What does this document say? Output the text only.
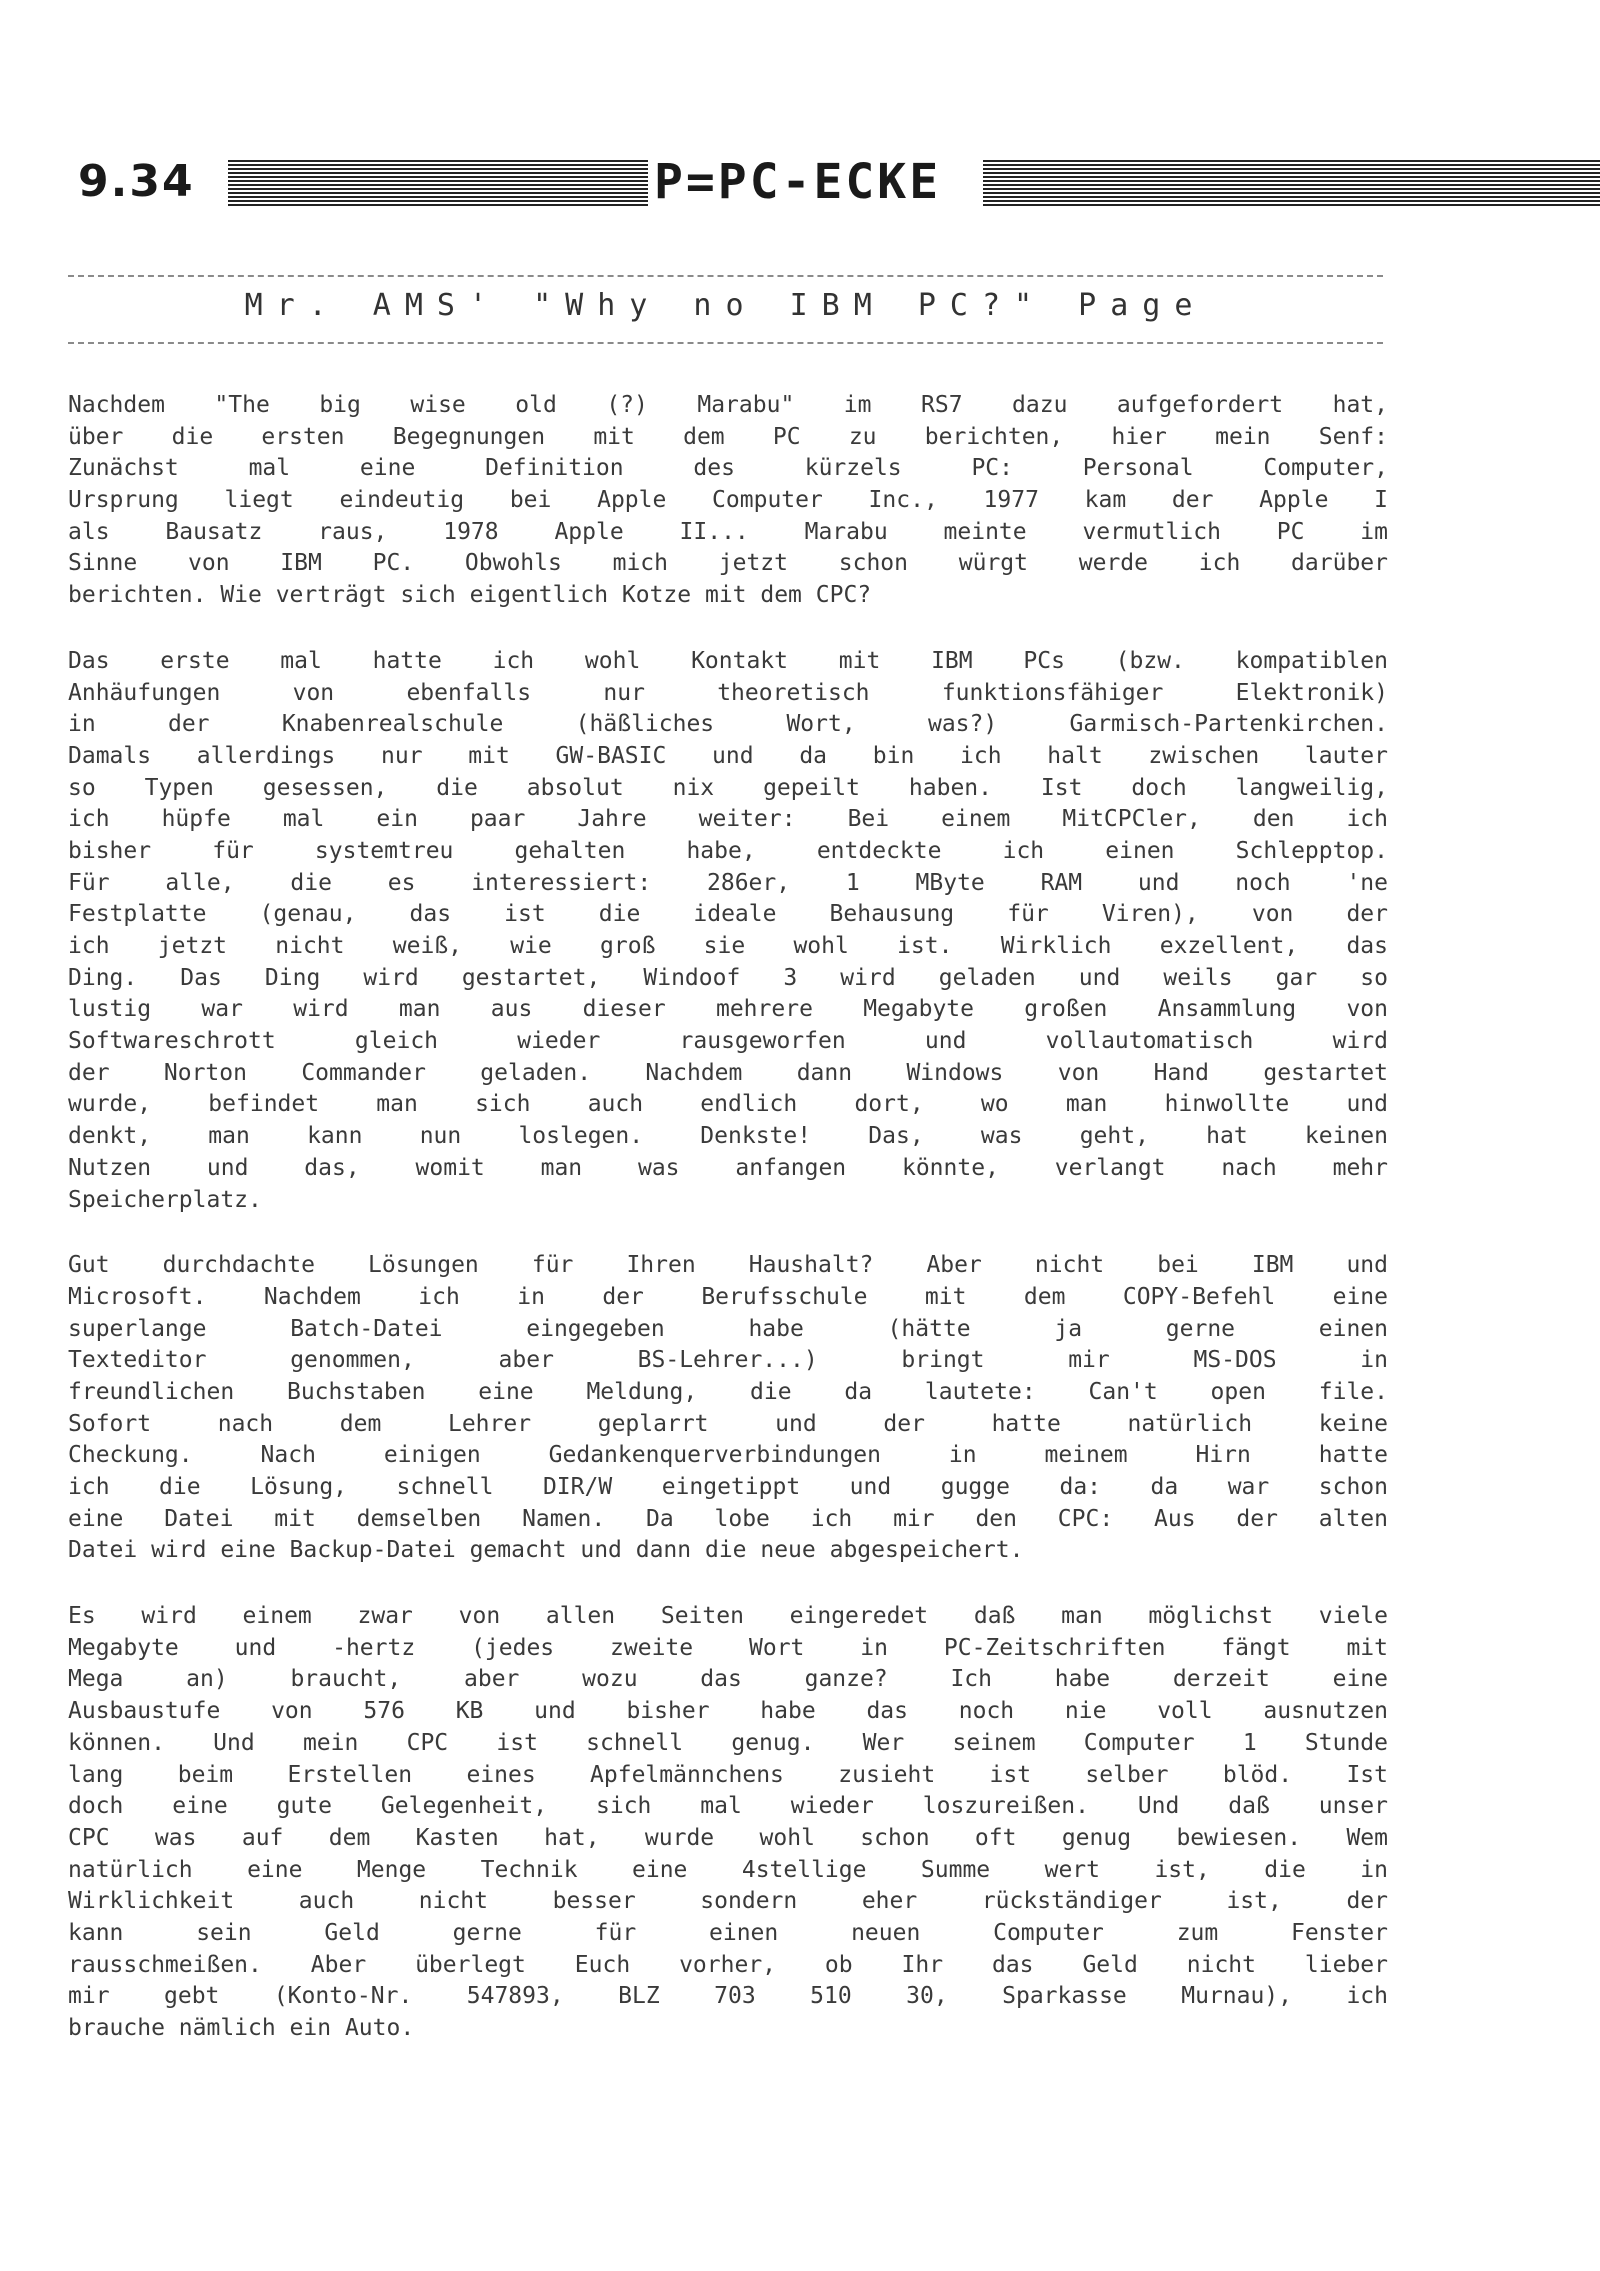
9.34	P=PC-ECKE
Mr. AMS' "Why no IBM PC?" Page
Nachdem "The big wise old (?) Marabu" im RS7 dazu aufgefordert hat,
über die ersten Begegnungen mit dem PC zu berichten, hier mein Senf:
Zunächst mal eine Definition des kürzels PC: Personal Computer,
Ursprung liegt eindeutig bei Apple Computer Inc., 1977 kam der Apple I
als Bausatz raus, 1978 Apple II... Marabu meinte vermutlich PC im
Sinne von IBM PC. Obwohls mich jetzt schon würgt werde ich darüber
berichten. Wie verträgt sich eigentlich Kotze mit dem CPC?
Das erste mal hatte ich wohl Kontakt mit IBM PCs (bzw. kompatiblen
Anhäufungen von ebenfalls nur theoretisch funktionsfähiger Elektronik)
in der Knabenrealschule (häßliches Wort, was?) Garmisch-Partenkirchen.
Damals allerdings nur mit GW-BASIC und da bin ich halt zwischen lauter
so Typen gesessen, die absolut nix gepeilt haben. Ist doch langweilig,
ich hüpfe mal ein paar Jahre weiter: Bei einem MitCPCler, den ich
bisher für systemtreu gehalten habe, entdeckte ich einen Schlepptop.
Für alle, die es interessiert: 286er, 1 MByte RAM und noch 'ne
Festplatte (genau, das ist die ideale Behausung für Viren), von der
ich jetzt nicht weiß, wie groß sie wohl ist. Wirklich exzellent, das
Ding. Das Ding wird gestartet, Windoof 3 wird geladen und weils gar so
lustig war wird man aus dieser mehrere Megabyte großen Ansammlung von
Softwareschrott gleich wieder rausgeworfen und vollautomatisch wird
der Norton Commander geladen. Nachdem dann Windows von Hand gestartet
wurde, befindet man sich auch endlich dort, wo man hinwollte und
denkt, man kann nun loslegen. Denkste! Das, was geht, hat keinen
Nutzen und das, womit man was anfangen könnte, verlangt nach mehr
Speicherplatz.
Gut durchdachte Lösungen für Ihren Haushalt? Aber nicht bei IBM und
Microsoft. Nachdem ich in der Berufsschule mit dem COPY-Befehl eine
superlange Batch-Datei eingegeben habe (hätte ja gerne einen
Texteditor genommen, aber BS-Lehrer...) bringt mir MS-DOS in
freundlichen Buchstaben eine Meldung, die da lautete: Can't open file.
Sofort nach dem Lehrer geplarrt und der hatte natürlich keine
Checkung. Nach einigen Gedankenquerverbindungen in meinem Hirn hatte
ich die Lösung, schnell DIR/W eingetippt und gugge da: da war schon
eine Datei mit demselben Namen. Da lobe ich mir den CPC: Aus der alten
Datei wird eine Backup-Datei gemacht und dann die neue abgespeichert.
Es wird einem zwar von allen Seiten eingeredet daß man möglichst viele
Megabyte und -hertz (jedes zweite Wort in PC-Zeitschriften fängt mit
Mega an) braucht, aber wozu das ganze? Ich habe derzeit eine
Ausbaustufe von 576 KB und bisher habe das noch nie voll ausnutzen
können. Und mein CPC ist schnell genug. Wer seinem Computer 1 Stunde
lang beim Erstellen eines Apfelmännchens zusieht ist selber blöd. Ist
doch eine gute Gelegenheit, sich mal wieder loszureißen. Und daß unser
CPC was auf dem Kasten hat, wurde wohl schon oft genug bewiesen. Wem
natürlich eine Menge Technik eine 4stellige Summe wert ist, die in
Wirklichkeit auch nicht besser sondern eher rückständiger ist, der
kann sein Geld gerne für einen neuen Computer zum Fenster
rausschmeißen. Aber überlegt Euch vorher, ob Ihr das Geld nicht lieber
mir gebt (Konto-Nr. 547893, BLZ 703 510 30, Sparkasse Murnau), ich
brauche nämlich ein Auto.
